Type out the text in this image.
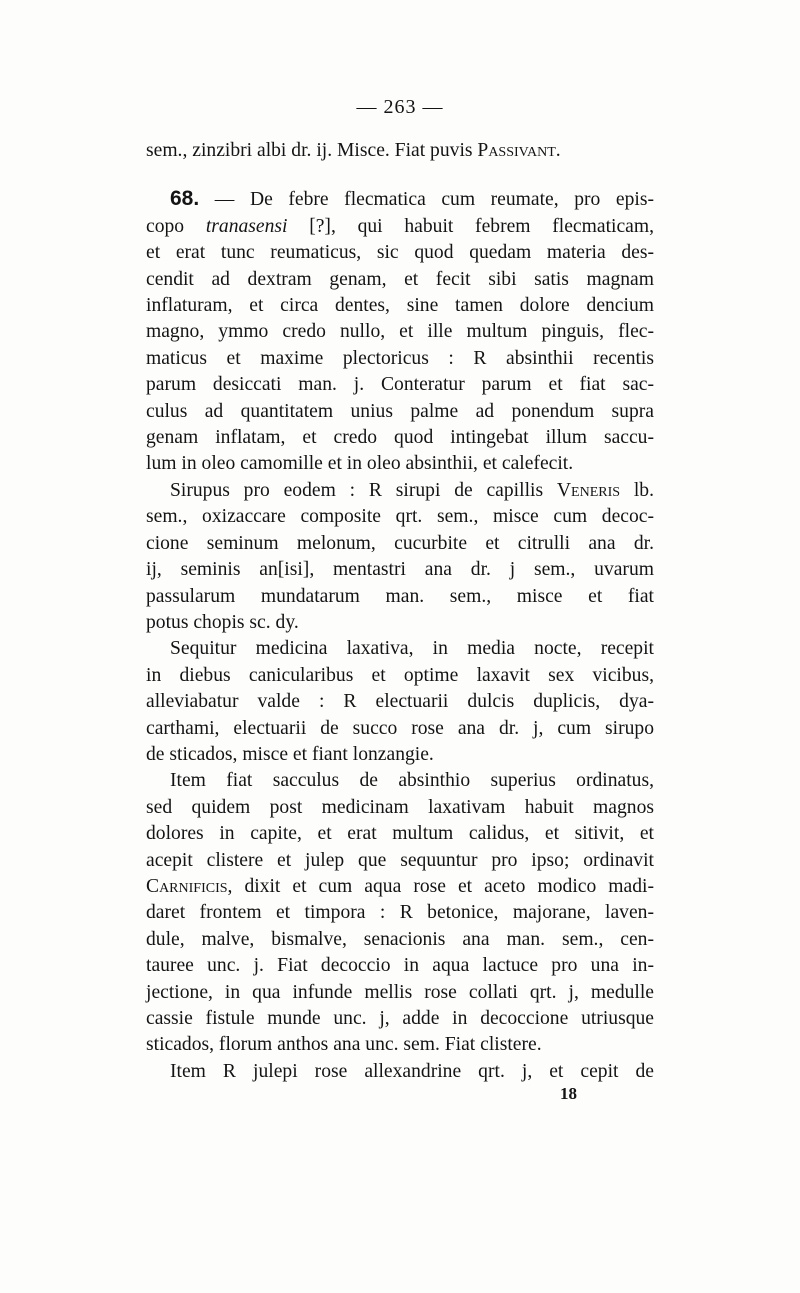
— 263 —
sem., zinzibri albi dr. ij. Misce. Fiat puvis Passivant.
68. — De febre flecmatica cum reumate, pro epis-
copo tranasensi [?], qui habuit febrem flecmaticam,
et erat tunc reumaticus, sic quod quedam materia des-
cendit ad dextram genam, et fecit sibi satis magnam
inflaturam, et circa dentes, sine tamen dolore dencium
magno, ymmo credo nullo, et ille multum pinguis, flec-
maticus et maxime plectoricus : R absinthii recentis
parum desiccati man. j. Conteratur parum et fiat sac-
culus ad quantitatem unius palme ad ponendum supra
genam inflatam, et credo quod intingebat illum saccu-
lum in oleo camomille et in oleo absinthii, et calefecit.
Sirupus pro eodem : R sirupi de capillis Veneris lb.
sem., oxizaccare composite qrt. sem., misce cum decoc-
cione seminum melonum, cucurbite et citrulli ana dr.
ij, seminis an[isi], mentastri ana dr. j sem., uvarum
passularum mundatarum man. sem., misce et fiat
potus chopis sc. dy.
Sequitur medicina laxativa, in media nocte, recepit
in diebus canicularibus et optime laxavit sex vicibus,
alleviabatur valde : R electuarii dulcis duplicis, dya-
carthami, electuarii de succo rose ana dr. j, cum sirupo
de sticados, misce et fiant lonzangie.
Item fiat sacculus de absinthio superius ordinatus,
sed quidem post medicinam laxativam habuit magnos
dolores in capite, et erat multum calidus, et sitivit, et
acepit clistere et julep que sequuntur pro ipso; ordinavit
Carnificis, dixit et cum aqua rose et aceto modico madi-
daret frontem et timpora : R betonice, majorane, laven-
dule, malve, bismalve, senacionis ana man. sem., cen-
tauree unc. j. Fiat decoccio in aqua lactuce pro una in-
jectione, in qua infunde mellis rose collati qrt. j, medulle
cassie fistule munde unc. j, adde in decoccione utriusque
sticados, florum anthos ana unc. sem. Fiat clistere.
Item R julepi rose allexandrine qrt. j, et cepit de
18
